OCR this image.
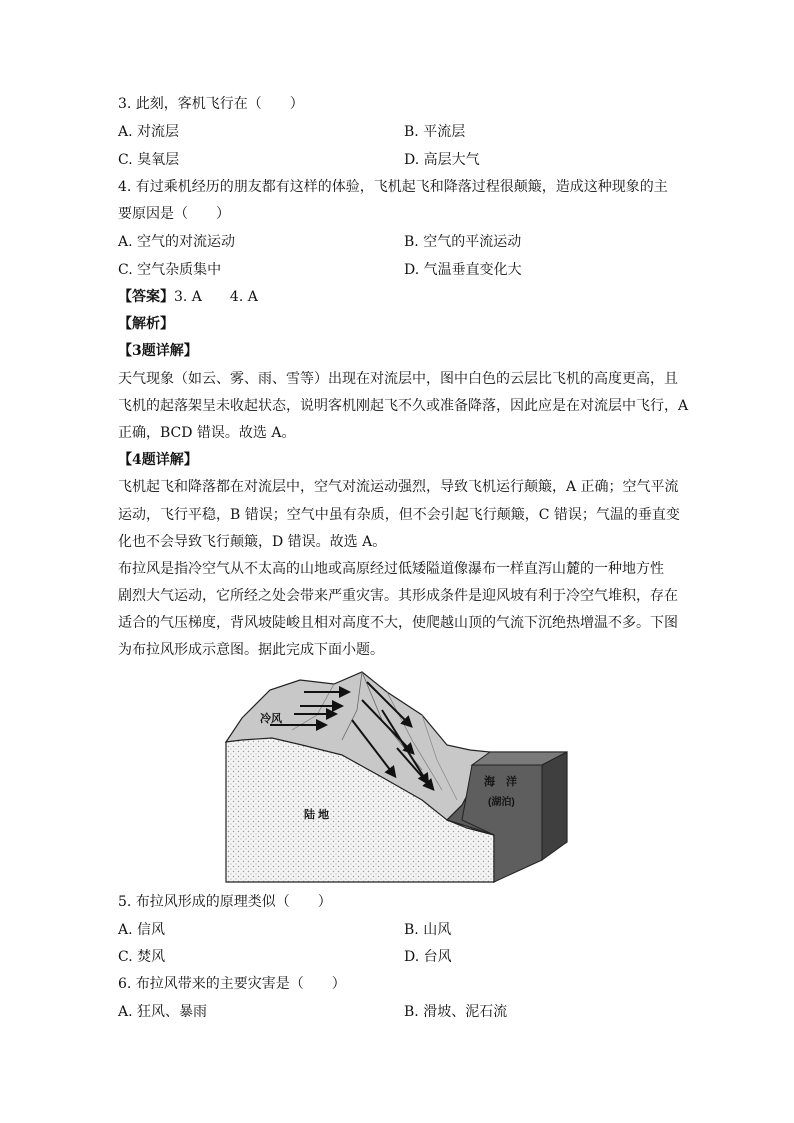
3. 此刻，客机飞行在（　　）
A. 对流层	B. 平流层
C. 臭氧层	D. 高层大气
4. 有过乘机经历的朋友都有这样的体验，飞机起飞和降落过程很颠簸，造成这种现象的主
要原因是（　　）
A. 空气的对流运动	B. 空气的平流运动
C. 空气杂质集中	D. 气温垂直变化大
【答案】3. A　　4. A
【解析】
【3题详解】
天气现象（如云、雾、雨、雪等）出现在对流层中，图中白色的云层比飞机的高度更高，且
飞机的起落架呈未收起状态，说明客机刚起飞不久或准备降落，因此应是在对流层中飞行，A
正确，BCD 错误。故选 A。
【4题详解】
飞机起飞和降落都在对流层中，空气对流运动强烈，导致飞机运行颠簸，A 正确；空气平流
运动，飞行平稳，B 错误；空气中虽有杂质，但不会引起飞行颠簸，C 错误；气温的垂直变
化也不会导致飞行颠簸，D 错误。故选 A。
布拉风是指冷空气从不太高的山地或高原经过低矮隘道像瀑布一样直泻山麓的一种地方性
剧烈大气运动，它所经之处会带来严重灾害。其形成条件是迎风坡有利于冷空气堆积，存在
适合的气压梯度，背风坡陡峻且相对高度不大，使爬越山顶的气流下沉绝热增温不多。下图
为布拉风形成示意图。据此完成下面小题。
冷风
陆 地
海　洋
(湖泊)
5. 布拉风形成的原理类似（　　）
A. 信风	B. 山风
C. 焚风	D. 台风
6. 布拉风带来的主要灾害是（　　）
A. 狂风、暴雨	B. 滑坡、泥石流
